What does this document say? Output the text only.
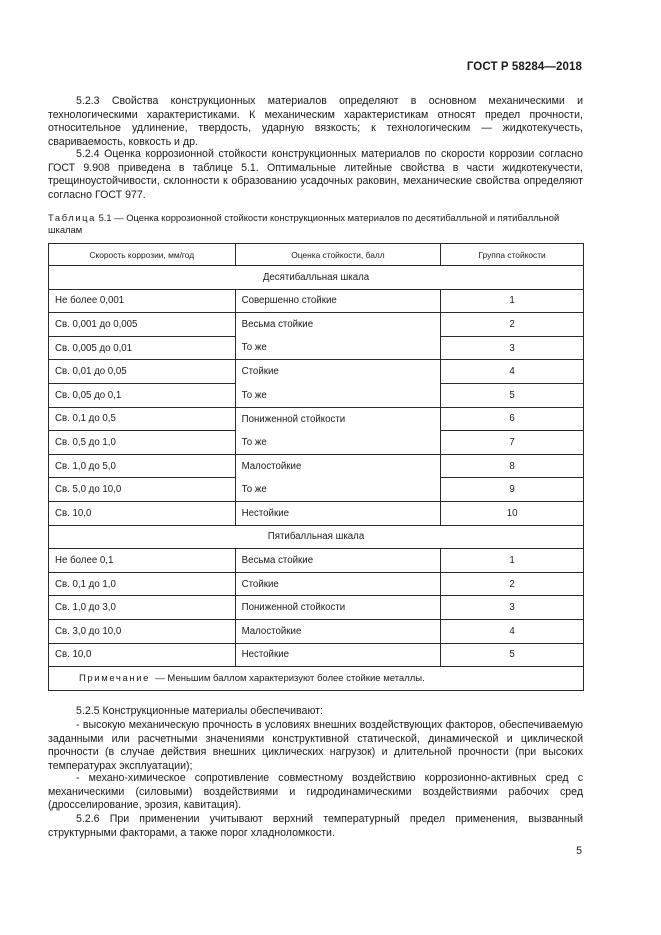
ГОСТ Р 58284—2018
5.2.3 Свойства конструкционных материалов определяют в основном механическими и технологическими характеристиками. К механическим характеристикам относят предел прочности, относительное удлинение, твердость, ударную вязкость; к технологическим — жидкотекучесть, свариваемость, ковкость и др.
5.2.4 Оценка коррозионной стойкости конструкционных материалов по скорости коррозии согласно ГОСТ 9.908 приведена в таблице 5.1. Оптимальные литейные свойства в части жидкотекучести, трещиноустойчивости, склонности к образованию усадочных раковин, механические свойства определяют согласно ГОСТ 977.
Таблица 5.1 — Оценка коррозионной стойкости конструкционных материалов по десятибалльной и пятибалльной шкалам
Скорость коррозии, мм/год	Оценка стойкости, балл	Группа стойкости
Десятибалльная шкала		
Не более 0,001	Совершенно стойкие	1
Св. 0,001 до 0,005	Весьма стойкие	2
Св. 0,005 до 0,01	То же	3
Св. 0,01 до 0,05	Стойкие	4
Св. 0,05 до 0,1	То же	5
Св. 0,1 до 0,5	Пониженной стойкости	6
Св. 0,5 до 1,0	То же	7
Св. 1,0 до 5,0	Малостойкие	8
Св. 5,0 до 10,0	То же	9
Св. 10,0	Нестойкие	10
Пятибалльная шкала		
Не более 0,1	Весьма стойкие	1
Св. 0,1 до 1,0	Стойкие	2
Св. 1,0 до 3,0	Пониженной стойкости	3
Св. 3,0 до 10,0	Малостойкие	4
Св. 10,0	Нестойкие	5
Примечание — Меньшим баллом характеризуют более стойкие металлы.		
5.2.5 Конструкционные материалы обеспечивают:
- высокую механическую прочность в условиях внешних воздействующих факторов, обеспечиваемую заданными или расчетными значениями конструктивной статической, динамической и циклической прочности (в случае действия внешних циклических нагрузок) и длительной прочности (при высоких температурах эксплуатации);
- механо-химическое сопротивление совместному воздействию коррозионно-активных сред с механическими (силовыми) воздействиями и гидродинамическими воздействиями рабочих сред (дросселирование, эрозия, кавитация).
5.2.6 При применении учитывают верхний температурный предел применения, вызванный структурными факторами, а также порог хладноломкости.
5
